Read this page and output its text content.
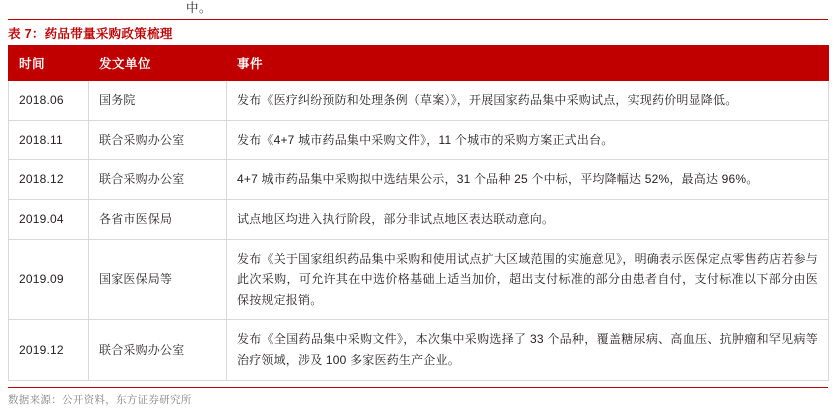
中。
表 7：药品带量采购政策梳理
时间	发文单位	事件
2018.06	国务院	发布《医疗纠纷预防和处理条例（草案）》，开展国家药品集中采购试点，实现药价明显降低。
2018.11	联合采购办公室	发布《4+7 城市药品集中采购文件》，11 个城市的采购方案正式出台。
2018.12	联合采购办公室	4+7 城市药品集中采购拟中选结果公示，31 个品种 25 个中标，平均降幅达 52%，最高达 96%。
2019.04	各省市医保局	试点地区均进入执行阶段，部分非试点地区表达联动意向。
2019.09	国家医保局等	发布《关于国家组织药品集中采购和使用试点扩大区域范围的实施意见》，明确表示医保定点零售药店若参与此次采购，可允许其在中选价格基础上适当加价，超出支付标准的部分由患者自付，支付标准以下部分由医保按规定报销。
2019.12	联合采购办公室	发布《全国药品集中采购文件》，本次集中采购选择了 33 个品种，覆盖糖尿病、高血压、抗肿瘤和罕见病等治疗领域，涉及 100 多家医药生产企业。
数据来源：公开资料，东方证券研究所
